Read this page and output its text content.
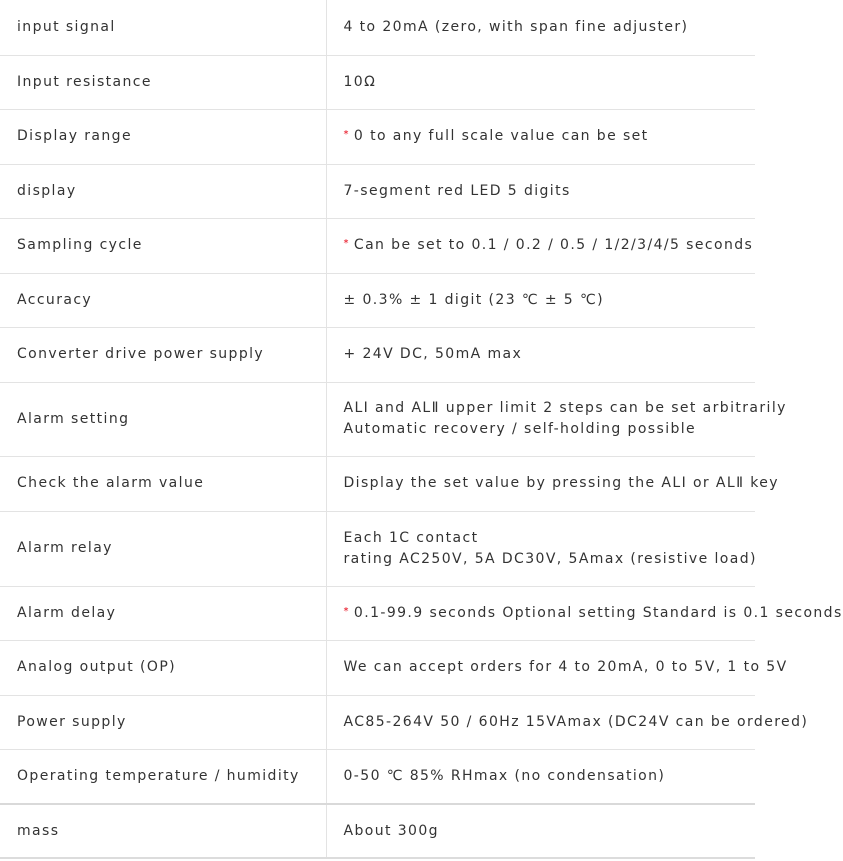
input signal	4 to 20mA (zero, with span fine adjuster)
Input resistance	10Ω
Display range	* 0 to any full scale value can be set
display	7-segment red LED 5 digits
Sampling cycle	* Can be set to 0.1 / 0.2 / 0.5 / 1/2/3/4/5 seconds
Accuracy	± 0.3% ± 1 digit (23 ℃ ± 5 ℃)
Converter drive power supply	+ 24V DC, 50mA max
Alarm setting	ALⅠ and ALⅡ upper limit 2 steps can be set arbitrarily
Automatic recovery / self-holding possible

Check the alarm value	Display the set value by pressing the ALⅠ or ALⅡ key
Alarm relay	Each 1C contact
rating AC250V, 5A DC30V, 5Amax (resistive load)

Alarm delay	* 0.1-99.9 seconds Optional setting Standard is 0.1 seconds
Analog output (OP)	We can accept orders for 4 to 20mA, 0 to 5V, 1 to 5V
Power supply	AC85-264V 50 / 60Hz 15VAmax (DC24V can be ordered)
Operating temperature / humidity	0-50 ℃ 85% RHmax (no condensation)
mass	About 300g
